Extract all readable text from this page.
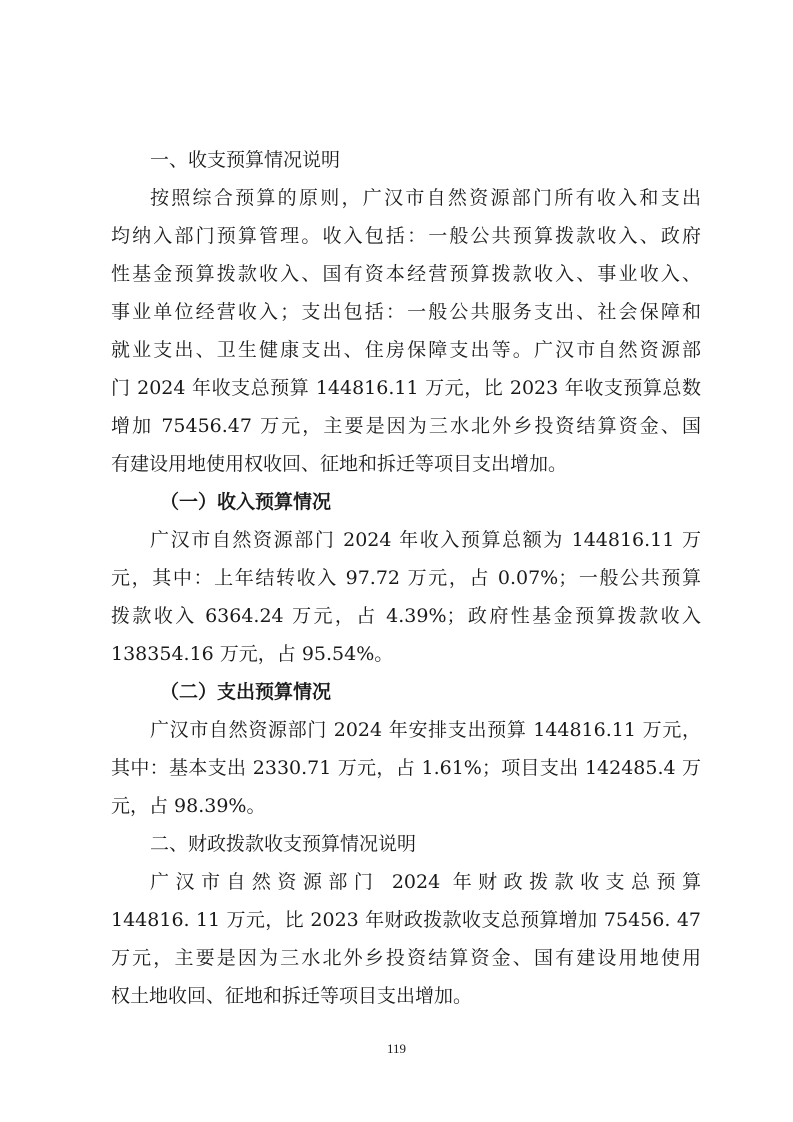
一、收支预算情况说明
按照综合预算的原则，广汉市自然资源部门所有收入和支出
均纳入部门预算管理。收入包括：一般公共预算拨款收入、政府
性基金预算拨款收入、国有资本经营预算拨款收入、事业收入、
事业单位经营收入；支出包括：一般公共服务支出、社会保障和
就业支出、卫生健康支出、住房保障支出等。广汉市自然资源部
门 2024 年收支总预算 144816.11 万元，比 2023 年收支预算总数
增加 75456.47 万元，主要是因为三水北外乡投资结算资金、国
有建设用地使用权收回、征地和拆迁等项目支出增加。
（一）收入预算情况
广汉市自然资源部门 2024 年收入预算总额为 144816.11 万
元，其中：上年结转收入 97.72 万元，占 0.07%；一般公共预算
拨款收入 6364.24 万元，占 4.39%；政府性基金预算拨款收入
138354.16 万元，占 95.54%。
（二）支出预算情况
广汉市自然资源部门 2024 年安排支出预算 144816.11 万元，
其中：基本支出 2330.71 万元，占 1.61%；项目支出 142485.4 万
元，占 98.39%。
二、财政拨款收支预算情况说明
广汉市自然资源部门 2024 年财政拨款收支总预算
144816. 11 万元，比 2023 年财政拨款收支总预算增加 75456. 47
万元，主要是因为三水北外乡投资结算资金、国有建设用地使用
权土地收回、征地和拆迁等项目支出增加。
119
